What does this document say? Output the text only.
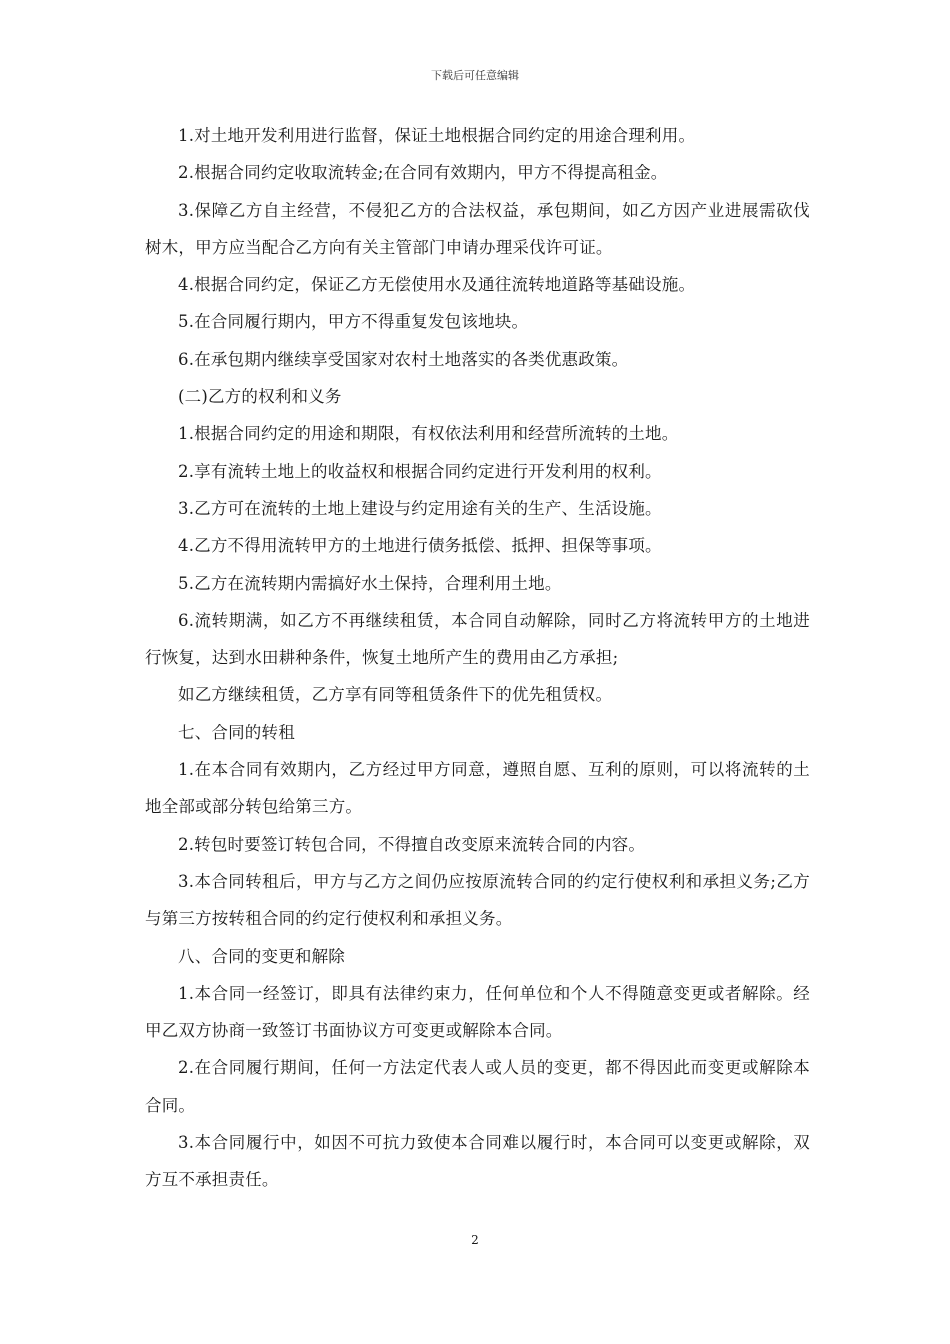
下载后可任意编辑

1.对土地开发利用进行监督，保证土地根据合同约定的用途合理利用。

2.根据合同约定收取流转金;在合同有效期内，甲方不得提高租金。

3.保障乙方自主经营，不侵犯乙方的合法权益，承包期间，如乙方因产业进展需砍伐树木，甲方应当配合乙方向有关主管部门申请办理采伐许可证。

4.根据合同约定，保证乙方无偿使用水及通往流转地道路等基础设施。

5.在合同履行期内，甲方不得重复发包该地块。

6.在承包期内继续享受国家对农村土地落实的各类优惠政策。

(二)乙方的权利和义务

1.根据合同约定的用途和期限，有权依法利用和经营所流转的土地。

2.享有流转土地上的收益权和根据合同约定进行开发利用的权利。

3.乙方可在流转的土地上建设与约定用途有关的生产、生活设施。

4.乙方不得用流转甲方的土地进行债务抵偿、抵押、担保等事项。

5.乙方在流转期内需搞好水土保持，合理利用土地。

6.流转期满，如乙方不再继续租赁，本合同自动解除，同时乙方将流转甲方的土地进行恢复，达到水田耕种条件，恢复土地所产生的费用由乙方承担;

如乙方继续租赁，乙方享有同等租赁条件下的优先租赁权。

七、合同的转租

1.在本合同有效期内，乙方经过甲方同意，遵照自愿、互利的原则，可以将流转的土地全部或部分转包给第三方。

2.转包时要签订转包合同，不得擅自改变原来流转合同的内容。

3.本合同转租后，甲方与乙方之间仍应按原流转合同的约定行使权利和承担义务;乙方与第三方按转租合同的约定行使权利和承担义务。

八、合同的变更和解除

1.本合同一经签订，即具有法律约束力，任何单位和个人不得随意变更或者解除。经甲乙双方协商一致签订书面协议方可变更或解除本合同。

2.在合同履行期间，任何一方法定代表人或人员的变更，都不得因此而变更或解除本合同。

3.本合同履行中，如因不可抗力致使本合同难以履行时，本合同可以变更或解除，双方互不承担责任。

2
